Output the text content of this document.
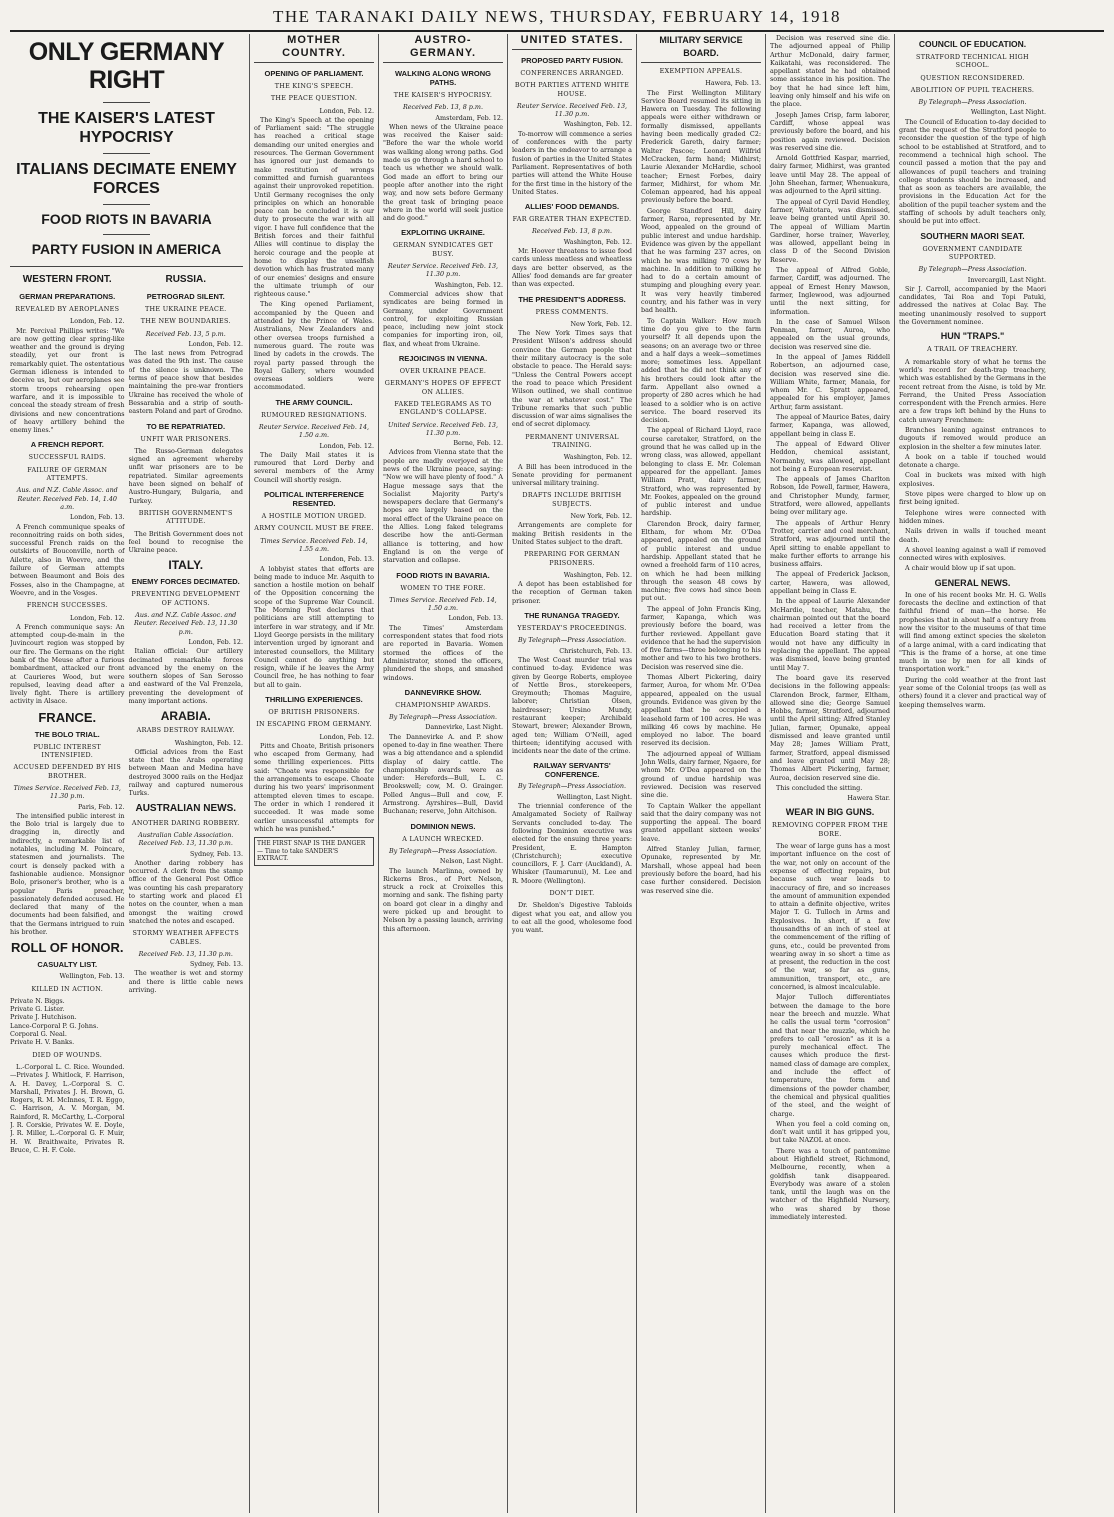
THE TARANAKI DAILY NEWS, THURSDAY, FEBRUARY 14, 1918
ONLY GERMANY RIGHT
THE KAISER'S LATEST HYPOCRISY
ITALIANS DECIMATE ENEMY FORCES
FOOD RIOTS IN BAVARIA
PARTY FUSION IN AMERICA
WESTERN FRONT.
GERMAN PREPARATIONS.
REVEALED BY AEROPLANES
London, Feb. 12.

Mr. Percival Phillips writes: "We are now getting clear spring-like weather and the ground is drying steadily, yet our front is remarkably quiet. The ostentatious German idleness is intended to deceive us, but our aeroplanes see storm troops rehearsing open warfare, and it is impossible to conceal the steady stream of fresh divisions and new concentrations of heavy artillery behind the enemy lines."

A FRENCH REPORT.
SUCCESSFUL RAIDS.
FAILURE OF GERMAN ATTEMPTS.
Aus. and N.Z. Cable Assoc. and Reuter. Received Feb. 14, 1.40 a.m.
London, Feb. 13.

A French communique speaks of reconnoitring raids on both sides, successful French raids on the outskirts of Bouconville, north of Ailette, also in Woevre, and the failure of German attempts between Beaumont and Bois des Fosses, also in the Champagne, at Woevre, and in the Vosges.

FRENCH SUCCESSES.
London, Feb. 12.

A French communique says: An attempted coup-de-main in the Juvincourt region was stopped by our fire. The Germans on the right bank of the Meuse after a furious bombardment, attacked our front at Caurieres Wood, but were repulsed, leaving dead after a lively fight. There is artillery activity in Alsace.

FRANCE.
THE BOLO TRIAL.
PUBLIC INTEREST INTENSIFIED.
ACCUSED DEFENDED BY HIS BROTHER.
Times Service. Received Feb. 13, 11.30 p.m.
Paris, Feb. 12.

The intensified public interest in the Bolo trial is largely due to dragging in, directly and indirectly, a remarkable list of notables, including M. Poincare, statesmen and journalists. The court is densely packed with a fashionable audience. Monsignor Bolo, prisoner's brother, who is a popular Paris preacher, passionately defended accused. He declared that many of the documents had been falsified, and that the Germans intrigued to ruin his brother.

ROLL OF HONOR.
CASUALTY LIST.
Wellington, Feb. 13.
KILLED IN ACTION.
Private N. Biggs.
Private G. Lister.
Private J. Hutchison.
Lance-Corporal P. G. Johns.
Corporal G. Neal.
Private H. V. Banks.
DIED OF WOUNDS.

L.-Corporal L. C. Rice. Wounded.—Privates J. Whitlock, F. Harrison, A. H. Davey, L.-Corporal S. C. Marshall, Privates J. H. Brown, G. Rogers, R. M. McInnes, T. R. Eggo, C. Harrison, A. V. Morgan, M. Rainford, R. McCarthy, L.-Corporal J. R. Corskie, Privates W. E. Doyle, J. R. Miller, L.-Corporal G. F. Muir, H. W. Braithwaite, Privates R. Bruce, C. H. F. Cole.

RUSSIA.
PETROGRAD SILENT.
THE UKRAINE PEACE.
THE NEW BOUNDARIES.
Received Feb. 13, 5 p.m.
London, Feb. 12.

The last news from Petrograd was dated the 9th inst. The cause of the silence is unknown. The terms of peace show that besides maintaining the pre-war frontiers Ukraine has received the whole of Bessarabia and a strip of south-eastern Poland and part of Grodno.

TO BE REPATRIATED.
UNFIT WAR PRISONERS.

The Russo-German delegates signed an agreement whereby unfit war prisoners are to be repatriated. Similar agreements have been signed on behalf of Austro-Hungary, Bulgaria, and Turkey.

BRITISH GOVERNMENT'S ATTITUDE.

The British Government does not feel bound to recognise the Ukraine peace.

ITALY.
ENEMY FORCES DECIMATED.
PREVENTING DEVELOPMENT OF ACTIONS.
Aus. and N.Z. Cable Assoc. and Reuter. Received Feb. 13, 11.30 p.m.
London, Feb. 12.

Italian official: Our artillery decimated remarkable forces advanced by the enemy on the southern slopes of San Serosso and eastward of the Val Frenzela, preventing the development of many important actions.

ARABIA.
ARABS DESTROY RAILWAY.
Washington, Feb. 12.

Official advices from the East state that the Arabs operating between Maan and Medina have destroyed 3000 rails on the Hedjaz railway and captured numerous Turks.

AUSTRALIAN NEWS.
ANOTHER DARING ROBBERY.
Australian Cable Association. Received Feb. 13, 11.30 p.m.
Sydney, Feb. 13.

Another daring robbery has occurred. A clerk from the stamp office of the General Post Office was counting his cash preparatory to starting work and placed £1 notes on the counter, when a man amongst the waiting crowd snatched the notes and escaped.

STORMY WEATHER AFFECTS CABLES.
Received Feb. 13, 11.30 p.m.
Sydney, Feb. 13.

The weather is wet and stormy and there is little cable news arriving.

MOTHER COUNTRY.
OPENING OF PARLIAMENT.
THE KING'S SPEECH.
THE PEACE QUESTION.
London, Feb. 12.

The King's Speech at the opening of Parliament said: "The struggle has reached a critical stage demanding our united energies and resources. The German Government has ignored our just demands to make restitution of wrongs committed and furnish guarantees against their unprovoked repetition. Until Germany recognises the only principles on which an honorable peace can be concluded it is our duty to prosecute the war with all vigor. I have full confidence that the British forces and their faithful Allies will continue to display the heroic courage and the people at home to display the unselfish devotion which has frustrated many of our enemies' designs and ensure the ultimate triumph of our righteous cause."

The King opened Parliament, accompanied by the Queen and attended by the Prince of Wales. Australians, New Zealanders and other oversea troops furnished a numerous guard. The route was lined by cadets in the crowds. The royal party passed through the Royal Gallery, where wounded overseas soldiers were accommodated.

THE ARMY COUNCIL.
RUMOURED RESIGNATIONS.
Reuter Service. Received Feb. 14, 1.50 a.m.
London, Feb. 12.

The Daily Mail states it is rumoured that Lord Derby and several members of the Army Council will shortly resign.

POLITICAL INTERFERENCE RESENTED.
A HOSTILE MOTION URGED.
ARMY COUNCIL MUST BE FREE.
Times Service. Received Feb. 14, 1.55 a.m.
London, Feb. 13.

A lobbyist states that efforts are being made to induce Mr. Asquith to sanction a hostile motion on behalf of the Opposition concerning the scope of the Supreme War Council. The Morning Post declares that politicians are still attempting to interfere in war strategy, and if Mr. Lloyd George persists in the military intervention urged by ignorant and interested counsellors, the Military Council cannot do anything but resign, while if he leaves the Army Council free, he has nothing to fear but all to gain.

THRILLING EXPERIENCES.
OF BRITISH PRISONERS.
IN ESCAPING FROM GERMANY.
London, Feb. 12.

Pitts and Choate, British prisoners who escaped from Germany, had some thrilling experiences. Pitts said: "Choate was responsible for the arrangements to escape. Choate during his two years' imprisonment attempted eleven times to escape. The order in which I rendered it succeeded. It was made some earlier unsuccessful attempts for which he was punished."

THE FIRST SNAP IS THE DANGER — Time to take SANDER'S EXTRACT.
AUSTRO-GERMANY.
WALKING ALONG WRONG PATHS.
THE KAISER'S HYPOCRISY.
Received Feb. 13, 8 p.m.
Amsterdam, Feb. 12.

When news of the Ukraine peace was received the Kaiser said: "Before the war the whole world was walking along wrong paths. God made us go through a hard school to teach us whether we should walk. God made an effort to bring our people after another into the right way, and now sets before Germany the great task of bringing peace where in the world will seek justice and do good."

EXPLOITING UKRAINE.
GERMAN SYNDICATES GET BUSY.
Reuter Service. Received Feb. 13, 11.30 p.m.
Washington, Feb. 12.

Commercial advices show that syndicates are being formed in Germany, under Government control, for exploiting Russian peace, including new joint stock companies for importing iron, oil, flax, and wheat from Ukraine.

REJOICINGS IN VIENNA.
OVER UKRAINE PEACE.
GERMANY'S HOPES OF EFFECT ON ALLIES.
FAKED TELEGRAMS AS TO ENGLAND'S COLLAPSE.
United Service. Received Feb. 13, 11.30 p.m.
Berne, Feb. 12.

Advices from Vienna state that the people are madly overjoyed at the news of the Ukraine peace, saying: "Now we will have plenty of food." A Hague message says that the Socialist Majority Party's newspapers declare that Germany's hopes are largely based on the moral effect of the Ukraine peace on the Allies. Long faked telegrams describe how the anti-German alliance is tottering, and how England is on the verge of starvation and collapse.

FOOD RIOTS IN BAVARIA.
WOMEN TO THE FORE.
Times Service. Received Feb. 14, 1.50 a.m.
London, Feb. 13.

The Times' Amsterdam correspondent states that food riots are reported in Bavaria. Women stormed the offices of the Administrator, stoned the officers, plundered the shops, and smashed windows.

DANNEVIRKE SHOW.
CHAMPIONSHIP AWARDS.
By Telegraph—Press Association.
Dannevirke, Last Night.

The Dannevirke A. and P. show opened to-day in fine weather. There was a big attendance and a splendid display of dairy cattle. The championship awards were as under: Herefords—Bull, L. C. Brookswell; cow, M. O. Grainger. Polled Angus—Bull and cow, F. Armstrong. Ayrshires—Bull, David Buchanan; reserve, John Aitchison.

DOMINION NEWS.
A LAUNCH WRECKED.
By Telegraph—Press Association.
Nelson, Last Night.

The launch Marlinna, owned by Rickerns Bros., of Port Nelson, struck a rock at Croixelles this morning and sank. The fishing party on board got clear in a dinghy and were picked up and brought to Nelson by a passing launch, arriving this afternoon.

UNITED STATES.
PROPOSED PARTY FUSION.
CONFERENCES ARRANGED.
BOTH PARTIES ATTEND WHITE HOUSE.
Reuter Service. Received Feb. 13, 11.30 p.m.
Washington, Feb. 12.

To-morrow will commence a series of conferences with the party leaders in the endeavor to arrange a fusion of parties in the United States Parliament. Representatives of both parties will attend the White House for the first time in the history of the United States.

ALLIES' FOOD DEMANDS.
FAR GREATER THAN EXPECTED.
Received Feb. 13, 8 p.m.
Washington, Feb. 12.

Mr. Hoover threatens to issue food cards unless meatless and wheatless days are better observed, as the Allies' food demands are far greater than was expected.

THE PRESIDENT'S ADDRESS.
PRESS COMMENTS.
New York, Feb. 12.

The New York Times says that President Wilson's address should convince the German people that their military autocracy is the sole obstacle to peace. The Herald says: "Unless the Central Powers accept the road to peace which President Wilson outlined, we shall continue the war at whatever cost." The Tribune remarks that such public discussion of war aims signalises the end of secret diplomacy.

PERMANENT UNIVERSAL TRAINING.
Washington, Feb. 12.

A Bill has been introduced in the Senate providing for permanent universal military training.

DRAFTS INCLUDE BRITISH SUBJECTS.
New York, Feb. 12.

Arrangements are complete for making British residents in the United States subject to the draft.

PREPARING FOR GERMAN PRISONERS.
Washington, Feb. 12.

A depot has been established for the reception of German taken prisoner.

THE RUNANGA TRAGEDY.
YESTERDAY'S PROCEEDINGS.
By Telegraph—Press Association.
Christchurch, Feb. 13.

The West Coast murder trial was continued to-day. Evidence was given by George Roberts, employee of Nettle Bros., storekeepers, Greymouth; Thomas Maguire, laborer; Christian Olsen, hairdresser; Ursino Mundy, restaurant keeper; Archibald Stewart, brewer; Alexander Brown, aged ten; William O'Neill, aged thirteen; identifying accused with incidents near the date of the crime.

RAILWAY SERVANTS' CONFERENCE.
By Telegraph—Press Association.
Wellington, Last Night.

The triennial conference of the Amalgamated Society of Railway Servants concluded to-day. The following Dominion executive was elected for the ensuing three years: President, E. Hampton (Christchurch); executive councillors, F. J. Carr (Auckland), A. Whisker (Taumarunui), M. Lee and R. Moore (Wellington).

DON'T DIET.

Dr. Sheldon's Digestive Tabloids digest what you eat, and allow you to eat all the good, wholesome food you want.

MILITARY SERVICE BOARD.
EXEMPTION APPEALS.
Hawera, Feb. 13.

The First Wellington Military Service Board resumed its sitting in Hawera on Tuesday. The following appeals were either withdrawn or formally dismissed, appellants having been medically graded C2: Frederick Gareth, dairy farmer; Walter Pascoe; Leonard Wilfrid McCracken, farm hand; Midhirst; Laurie Alexander McHardie, school teacher; Ernest Forbes, dairy farmer, Midhirst, for whom Mr. Coleman appeared, had his appeal previously before the board.

George Standford Hill, dairy farmer, Raroa, represented by Mr. Wood, appealed on the ground of public interest and undue hardship. Evidence was given by the appellant that he was farming 237 acres, on which he was milking 70 cows by machine. In addition to milking he had to do a certain amount of stumping and ploughing every year. It was very heavily timbered country, and his father was in very bad health.

To Captain Walker: How much time do you give to the farm yourself? It all depends upon the seasons; on an average two or three and a half days a week—sometimes more; sometimes less. Appellant added that he did not think any of his brothers could look after the farm. Appellant also owned a property of 280 acres which he had leased to a soldier who is on active service. The board reserved its decision.

The appeal of Richard Lloyd, race course caretaker, Stratford, on the ground that he was called up in the wrong class, was allowed, appellant belonging to class E. Mr. Coleman appeared for the appellant. James William Pratt, dairy farmer, Stratford, who was represented by Mr. Fookes, appealed on the ground of public interest and undue hardship.

Clarendon Brock, dairy farmer, Eltham, for whom Mr. O'Dea appeared, appealed on the ground of public interest and undue hardship. Appellant stated that he owned a freehold farm of 110 acres, on which he had been milking through the season 48 cows by machine; five cows had since been put out.

The appeal of John Francis King, farmer, Kapanga, which was previously before the board, was further reviewed. Appellant gave evidence that he had the supervision of five farms—three belonging to his mother and two to his two brothers. Decision was reserved sine die.

Thomas Albert Pickering, dairy farmer, Auroa, for whom Mr. O'Dea appeared, appealed on the usual grounds. Evidence was given by the appellant that he occupied a leasehold farm of 100 acres. He was milking 46 cows by machine. He employed no labor. The board reserved its decision.

The adjourned appeal of William John Wells, dairy farmer, Ngaere, for whom Mr. O'Dea appeared on the ground of undue hardship was reviewed. Decision was reserved sine die.

To Captain Walker the appellant said that the dairy company was not supporting the appeal. The board granted appellant sixteen weeks' leave.

Alfred Stanley Julian, farmer, Opunake, represented by Mr. Marshall, whose appeal had been previously before the board, had his case further considered. Decision was reserved sine die.

Decision was reserved sine die. The adjourned appeal of Philip Arthur McDonald, dairy farmer, Kaikatahi, was reconsidered. The appellant stated he had obtained some assistance in his position. The boy that he had since left him, leaving only himself and his wife on the place.

Joseph James Crisp, farm laborer, Cardiff, whose appeal was previously before the board, and his position again reviewed. Decision was reserved sine die.

Arnold Gottfried Kaspar, married, dairy farmer, Midhirst, was granted leave until May 28. The appeal of John Sheehan, farmer, Whenuakura, was adjourned to the April sitting.

The appeal of Cyril David Hendley, farmer, Waitotara, was dismissed, leave being granted until April 30. The appeal of William Martin Gardiner, horse trainer, Waverley, was allowed, appellant being in class D of the Second Division Reserve.

The appeal of Alfred Goble, farmer, Cardiff, was adjourned. The appeal of Ernest Henry Mawson, farmer, Inglewood, was adjourned until the next sitting, for information.

In the case of Samuel Wilson Penman, farmer, Auroa, who appealed on the usual grounds, decision was reserved sine die.

In the appeal of James Riddell Robertson, an adjourned case, decision was reserved sine die. William White, farmer, Manaia, for whom Mr. C. Spratt appeared, appealed for his employer, James Arthur, farm assistant.

The appeal of Maurice Bates, dairy farmer, Kapanga, was allowed, appellant being in class E.

The appeal of Edward Oliver Heddon, chemical assistant, Normanby, was allowed, appellant not being a European reservist.

The appeals of James Charlton Robson, Ide Powell, farmer, Hawera, and Christopher Mundy, farmer, Stratford, were allowed, appellants being over military age.

The appeals of Arthur Henry Trotter, carrier and coal merchant, Stratford, was adjourned until the April sitting to enable appellant to make further efforts to arrange his business affairs.

The appeal of Frederick Jackson, carter, Hawera, was allowed, appellant being in Class E.

In the appeal of Laurie Alexander McHardie, teacher, Matahu, the chairman pointed out that the board had received a letter from the Education Board stating that it would not have any difficulty in replacing the appellant. The appeal was dismissed, leave being granted until May 7.

The board gave its reserved decisions in the following appeals: Clarendon Brock, farmer, Eltham, allowed sine die; George Samuel Hobbs, farmer, Stratford, adjourned until the April sitting; Alfred Stanley Julian, farmer, Opunake, appeal dismissed and leave granted until May 28; James William Pratt, farmer, Stratford, appeal dismissed and leave granted until May 28; Thomas Albert Pickering, farmer, Auroa, decision reserved sine die.

This concluded the sitting.

Hawera Star.
WEAR IN BIG GUNS.
REMOVING COPPER FROM THE BORE.

The wear of large guns has a most important influence on the cost of the war, not only on account of the expense of effecting repairs, but because such wear leads to inaccuracy of fire, and so increases the amount of ammunition expended to attain a definite objective, writes Major T. G. Tulloch in Arms and Explosives. In short, if a few thousandths of an inch of steel at the commencement of the rifling of guns, etc., could be prevented from wearing away in so short a time as at present, the reduction in the cost of the war, so far as guns, ammunition, transport, etc., are concerned, is almost incalculable.

Major Tulloch differentiates between the damage to the bore near the breech and muzzle. What he calls the usual term "corrosion" and that near the muzzle, which he prefers to call "erosion" as it is a purely mechanical effect. The causes which produce the first-named class of damage are complex, and include the effect of temperature, the form and dimensions of the powder chamber, the chemical and physical qualities of the steel, and the weight of charge.

When you feel a cold coming on, don't wait until it has gripped you, but take NAZOL at once.

There was a touch of pantomime about Highfield street, Richmond, Melbourne, recently, when a goldfish tank disappeared. Everybody was aware of a stolen tank, until the laugh was on the watcher of the Highfield Nursery, who was shared by those immediately interested.

COUNCIL OF EDUCATION.
STRATFORD TECHNICAL HIGH SCHOOL.
QUESTION RECONSIDERED.
ABOLITION OF PUPIL TEACHERS.
By Telegraph—Press Association.
Wellington, Last Night.

The Council of Education to-day decided to grant the request of the Stratford people to reconsider the question of the type of high school to be established at Stratford, and to recommend a technical high school. The council passed a motion that the pay and allowances of pupil teachers and training college students should be increased, and that as soon as teachers are available, the provisions in the Education Act for the abolition of the pupil teacher system and the staffing of schools by adult teachers only, should be put into effect.

SOUTHERN MAORI SEAT.
GOVERNMENT CANDIDATE SUPPORTED.
By Telegraph—Press Association.
Invercargill, Last Night.

Sir J. Carroll, accompanied by the Maori candidates, Tai Roa and Topi Patuki, addressed the natives at Colac Bay. The meeting unanimously resolved to support the Government nominee.

HUN "TRAPS."
A TRAIL OF TREACHERY.

A remarkable story of what he terms the world's record for death-trap treachery, which was established by the Germans in the recent retreat from the Aisne, is told by Mr. Ferrand, the United Press Association correspondent with the French armies. Here are a few traps left behind by the Huns to catch unwary Frenchmen:

Branches leaning against entrances to dugouts if removed would produce an explosion in the shelter a few minutes later.

A book on a table if touched would detonate a charge.

Coal in buckets was mixed with high explosives.

Stove pipes were charged to blow up on first being ignited.

Telephone wires were connected with hidden mines.

Nails driven in walls if touched meant death.

A shovel leaning against a wall if removed connected wires with explosives.

A chair would blow up if sat upon.

GENERAL NEWS.

In one of his recent books Mr. H. G. Wells forecasts the decline and extinction of that faithful friend of man—the horse. He prophesies that in about half a century from now the visitor to the museums of that time will find among extinct species the skeleton of a large animal, with a card indicating that "This is the frame of a horse, at one time much in use by men for all kinds of transportation work."

During the cold weather at the front last year some of the Colonial troops (as well as others) found it a clever and practical way of keeping themselves warm.
